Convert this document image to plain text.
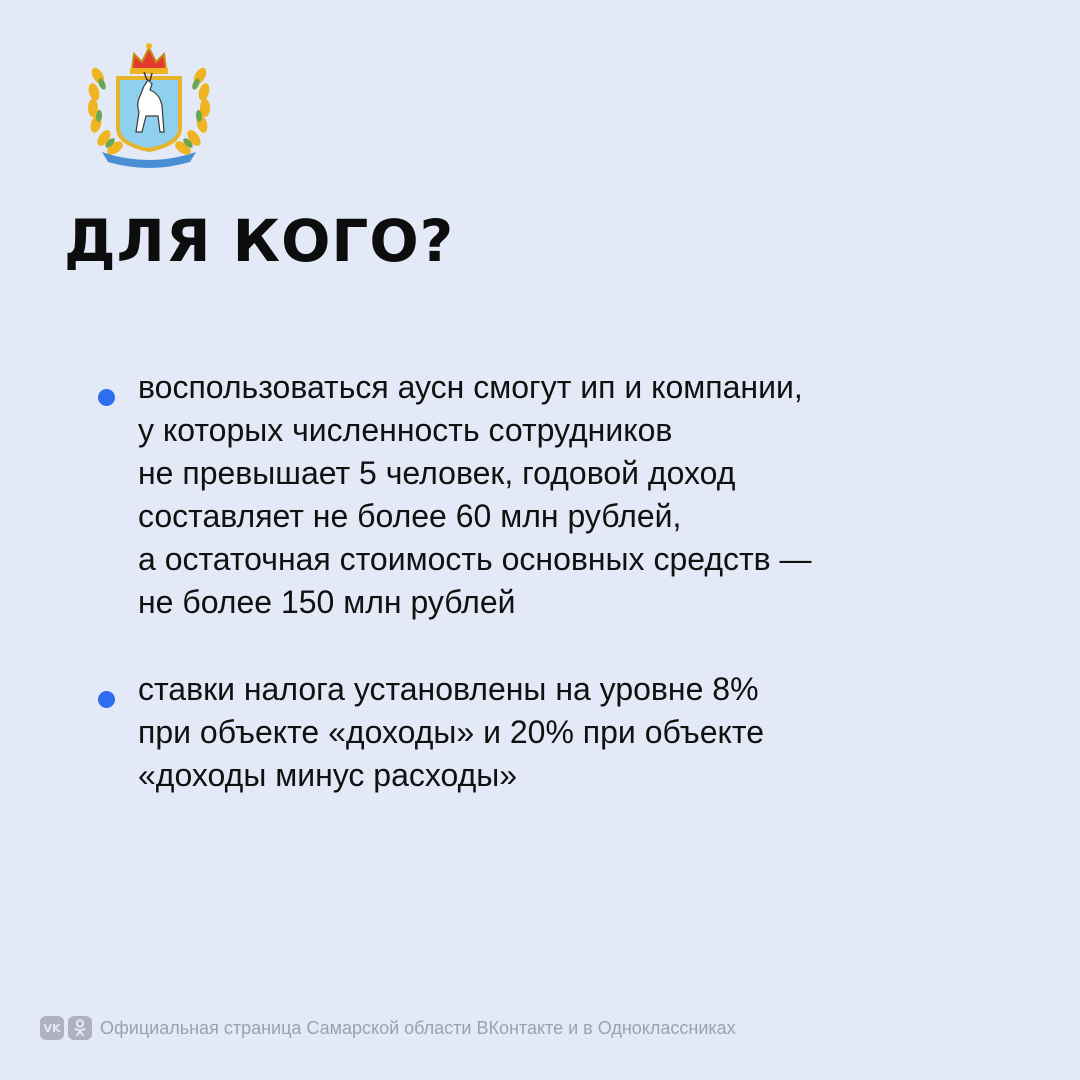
ДЛЯ КОГО?
воспользоваться аусн смогут ип и компании,
у которых численность сотрудников
не превышает 5 человек, годовой доход
составляет не более 60 млн рублей,
а остаточная стоимость основных средств —
не более 150 млн рублей
ставки налога установлены на уровне 8%
при объекте «доходы» и 20% при объекте
«доходы минус расходы»
VK Официальная страница Самарской области ВКонтакте и в Одноклассниках
